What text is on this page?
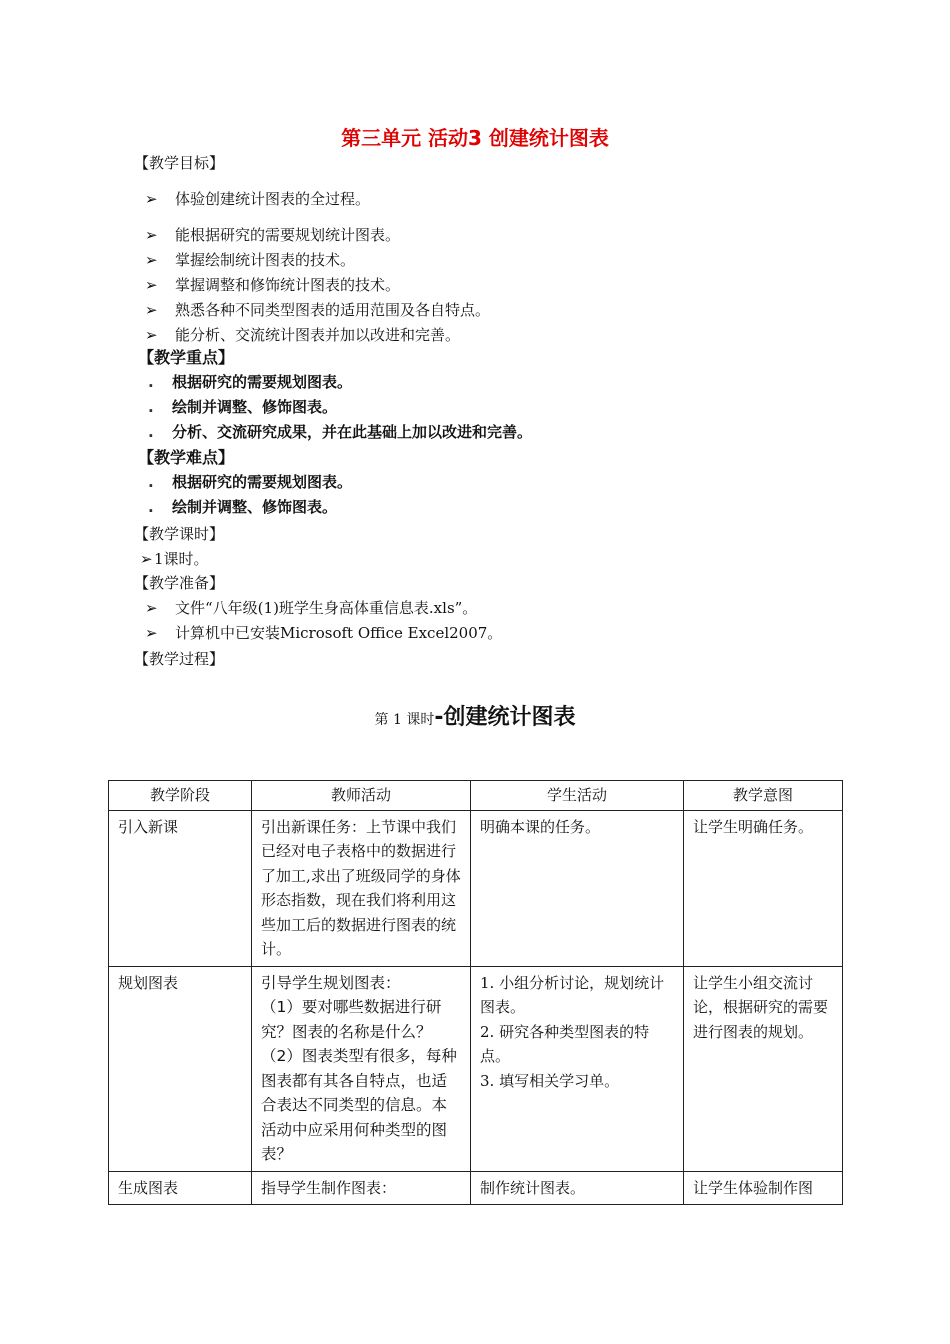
第三单元 活动3 创建统计图表
【教学目标】
➢ 体验创建统计图表的全过程。
➢ 能根据研究的需要规划统计图表。
➢ 掌握绘制统计图表的技术。
➢ 掌握调整和修饰统计图表的技术。
➢ 熟悉各种不同类型图表的适用范围及各自特点。
➢ 能分析、交流统计图表并加以改进和完善。
【教学重点】
. 根据研究的需要规划图表。
. 绘制并调整、修饰图表。
. 分析、交流研究成果，并在此基础上加以改进和完善。
【教学难点】
. 根据研究的需要规划图表。
. 绘制并调整、修饰图表。
【教学课时】
➢1课时。
【教学准备】
➢ 文件“八年级(1)班学生身高体重信息表.xls”。
➢ 计算机中已安装Microsoft Office Excel2007。
【教学过程】
第 1 课时-创建统计图表
教学阶段	教师活动	学生活动	教学意图
引入新课	引出新课任务：上节课中我们已经对电子表格中的数据进行了加工,求出了班级同学的身体形态指数，现在我们将利用这些加工后的数据进行图表的统计。	明确本课的任务。	让学生明确任务。
规划图表	引导学生规划图表：
（1）要对哪些数据进行研究？图表的名称是什么？
（2）图表类型有很多，每种图表都有其各自特点，也适合表达不同类型的信息。本活动中应采用何种类型的图表？	1. 小组分析讨论，规划统计图表。
2. 研究各种类型图表的特点。
3. 填写相关学习单。	让学生小组交流讨论，根据研究的需要进行图表的规划。
生成图表	指导学生制作图表：	制作统计图表。	让学生体验制作图
